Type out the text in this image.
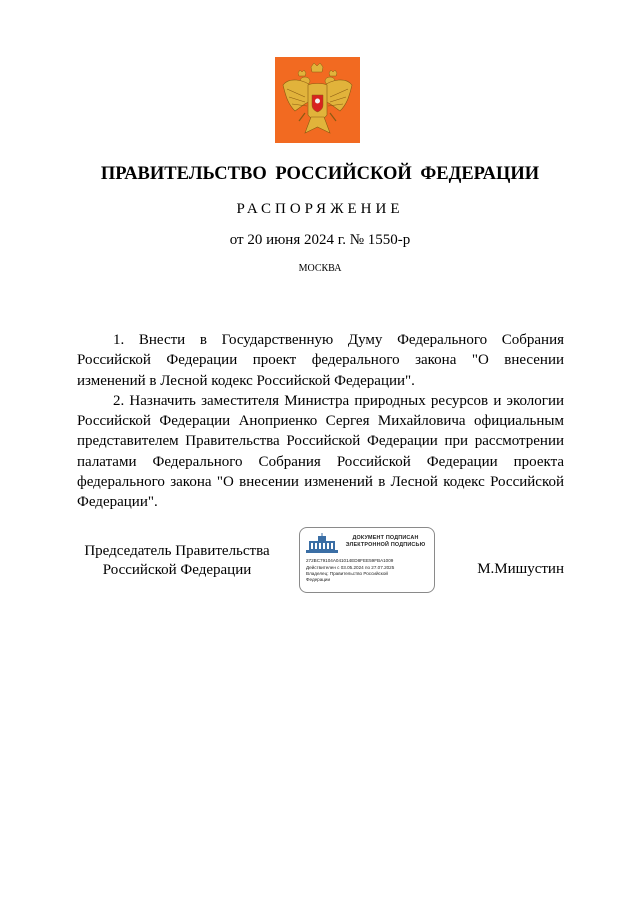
ПРАВИТЕЛЬСТВО РОССИЙСКОЙ ФЕДЕРАЦИИ
РАСПОРЯЖЕНИЕ
от 20 июня 2024 г. № 1550-р
МОСКВА

1. Внести в Государственную Думу Федерального Собрания Российской Федерации проект федерального закона "О внесении изменений в Лесной кодекс Российской Федерации".

2. Назначить заместителя Министра природных ресурсов и экологии Российской Федерации Аноприенко Сергея Михайловича официальным представителем Правительства Российской Федерации при рассмотрении палатами Федерального Собрания Российской Федерации проекта федерального закона "О внесении изменений в Лесной кодекс Российской Федерации".

Председатель Правительства
Российской Федерации
ДОКУМЕНТ ПОДПИСАН
ЭЛЕКТРОННОЙ ПОДПИСЬЮ
272BC79104A041014ED8FEE59FBA1009
Действителен с 03.05.2024 по 27.07.2025
Владелец: Правительство Российской
Федерации
М.Мишустин
